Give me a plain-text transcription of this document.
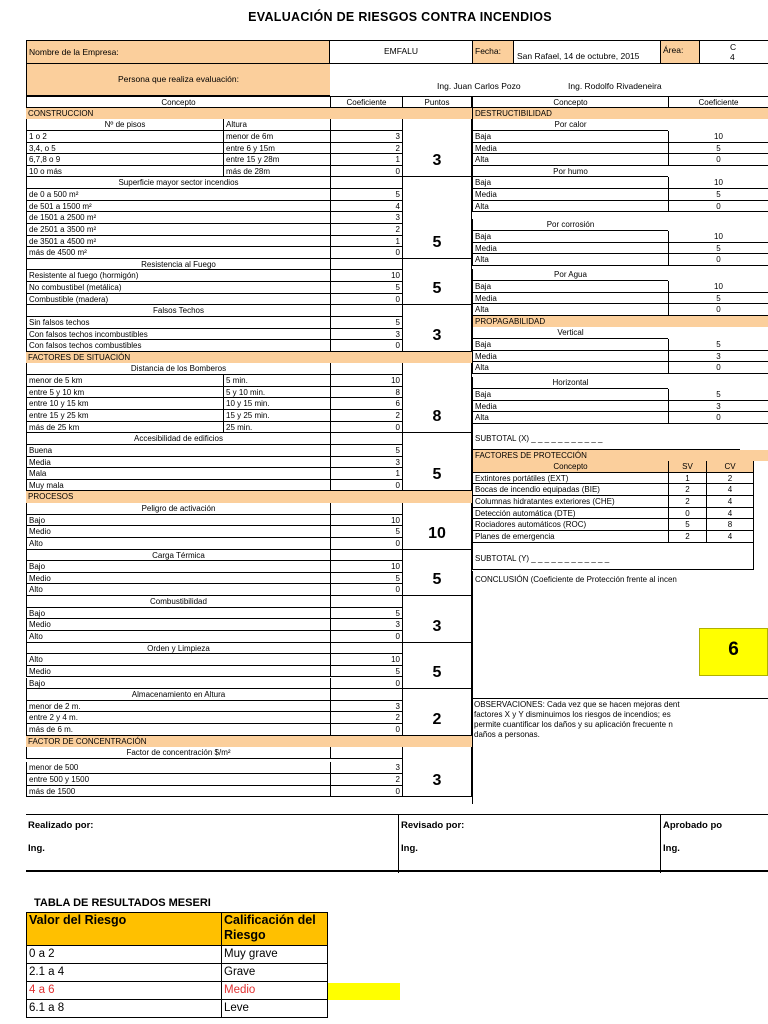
EVALUACIÓN DE RIESGOS CONTRA INCENDIOS
Nombre de la Empresa:	EMFALU	Fecha:	San Rafael, 14 de octubre, 2015
Área:	C
4
Persona que realiza evaluación:
Ing. Juan Carlos Pozo	Ing. Rodolfo Rivadeneira
Concepto	Coeficiente	Puntos
CONSTRUCCION
Nº de pisos	Altura
1 o 2	menor de 6m	3
3,4, o 5	entre 6 y 15m	2
6,7,8 o 9	entre 15 y 28m	1
10 o más	más de 28m	0
3
Superficie mayor sector incendios
de 0 a 500 m²	5
de 501 a 1500 m²	4
de 1501 a 2500 m²	3
de 2501 a 3500 m²	2
de 3501 a 4500 m²	1
más de 4500 m²	0
5
Resistencia al Fuego
Resistente al fuego (hormigón)	10
No combustibel (metálica)	5
Combustible (madera)	0
5
Falsos Techos
Sin falsos techos	5
Con falsos techos incombustibles	3
Con falsos techos combustibles	0
3
FACTORES DE SITUACIÓN
Distancia de los Bomberos
menor de 5 km	5 min.	10
entre 5 y 10 km	5 y 10 min.	8
entre 10 y 15 km	10 y 15 min.	6
entre 15 y 25 km	15 y 25 min.	2
más de 25 km	25 min.	0
8
Accesibilidad de edificios
Buena	5
Media	3
Mala	1
Muy mala	0
5
PROCESOS
Peligro de activación
Bajo	10
Medio	5
Alto	0
10
Carga Térmica
Bajo	10
Medio	5
Alto	0
5
Combustibilidad
Bajo	5
Medio	3
Alto	0
3
Orden y Limpieza
Alto	10
Medio	5
Bajo	0
5
Almacenamiento en Altura
menor de 2 m.	3
entre 2 y 4 m.	2
más de 6 m.	0
2
FACTOR DE CONCENTRACIÓN
Factor de concentración $/m²
menor de 500	3
entre 500 y 1500	2
más de 1500	0
3
Concepto	Coeficiente
DESTRUCTIBILIDAD
Por calor
Baja	10
Media	5
Alta	0
Por humo
Baja	10
Media	5
Alta	0
Por corrosión
Baja	10
Media	5
Alta	0
Por Agua
Baja	10
Media	5
Alta	0
PROPAGABILIDAD
Vertical
Baja	5
Media	3
Alta	0
Horizontal
Baja	5
Media	3
Alta	0
SUBTOTAL (X) _ _ _ _ _ _ _ _ _ _ _
FACTORES DE PROTECCIÓN
Concepto	SV	CV
Extintores portátiles (EXT)	1	2
Bocas de incendio equipadas (BIE)	2	4
Columnas hidratantes exteriores (CHE)	2	4
Detección automática (DTE)	0	4
Rociadores automáticos (ROC)	5	8
Planes de emergencia	2	4
SUBTOTAL (Y) _ _ _ _ _ _ _ _ _ _ _ _
CONCLUSIÓN (Coeficiente de Protección frente al incen
6
OBSERVACIONES: Cada vez que se hacen mejoras dent
factores X y Y disminuimos los riesgos de incendios; es
permite cuantificar los daños y su aplicación frecuente n
daños a personas.
Realizado por:
Ing.
Revisado por:
Ing.
Aprobado po
Ing.
TABLA DE RESULTADOS MESERI
Valor del Riesgo	Calificación del
Riesgo
0 a 2	Muy grave
2.1 a 4	Grave
4 a 6	Medio
6.1 a 8	Leve
